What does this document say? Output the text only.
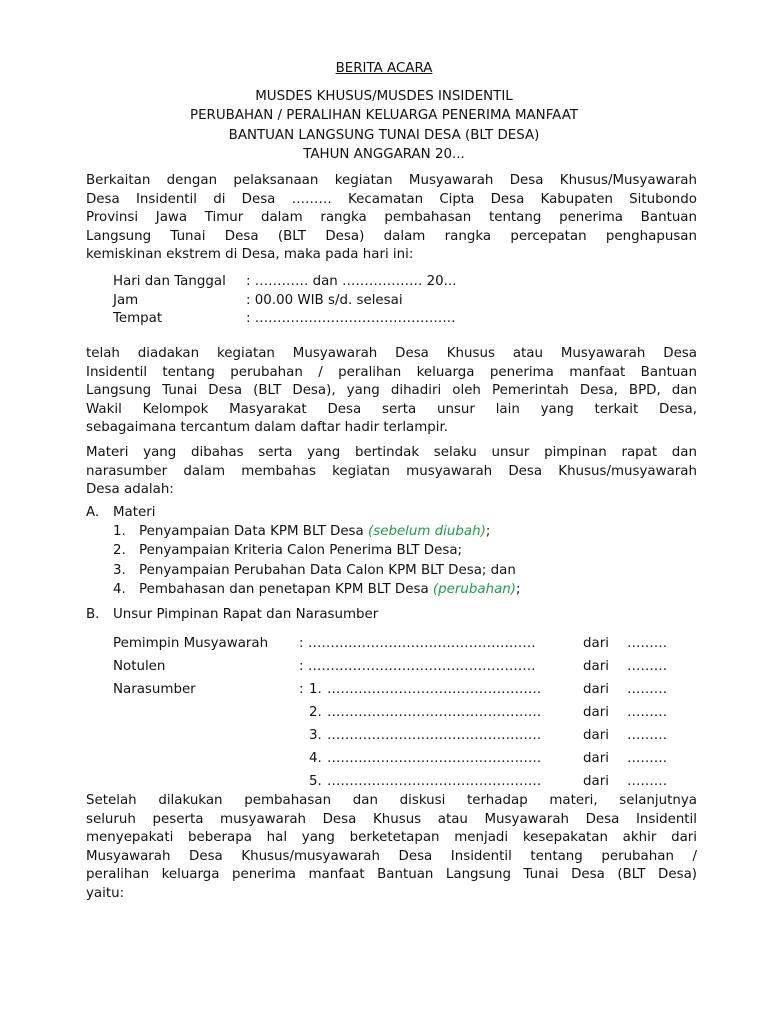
BERITA ACARA
MUSDES KHUSUS/MUSDES INSIDENTIL
PERUBAHAN / PERALIHAN KELUARGA PENERIMA MANFAAT
BANTUAN LANGSUNG TUNAI DESA (BLT DESA)
TAHUN ANGGARAN 20...
Berkaitan dengan pelaksanaan kegiatan Musyawarah Desa Khusus/Musyawarah
Desa Insidentil di Desa ……… Kecamatan Cipta Desa Kabupaten Situbondo
Provinsi Jawa Timur dalam rangka pembahasan tentang penerima Bantuan
Langsung Tunai Desa (BLT Desa) dalam rangka percepatan penghapusan
kemiskinan ekstrem di Desa, maka pada hari ini:
Hari dan Tanggal	: ………… dan ……………… 20...
Jam	: 00.00 WIB s/d. selesai
Tempat	: ………………………………………
telah diadakan kegiatan Musyawarah Desa Khusus atau Musyawarah Desa
Insidentil tentang perubahan / peralihan keluarga penerima manfaat Bantuan
Langsung Tunai Desa (BLT Desa), yang dihadiri oleh Pemerintah Desa, BPD, dan
Wakil Kelompok Masyarakat Desa serta unsur lain yang terkait Desa,
sebagaimana tercantum dalam daftar hadir terlampir.
Materi yang dibahas serta yang bertindak selaku unsur pimpinan rapat dan
narasumber dalam membahas kegiatan musyawarah Desa Khusus/musyawarah
Desa adalah:
A.	Materi
1. Penyampaian Data KPM BLT Desa (sebelum diubah);
2. Penyampaian Kriteria Calon Penerima BLT Desa;
3. Penyampaian Perubahan Data Calon KPM BLT Desa; dan
4. Pembahasan dan penetapan KPM BLT Desa (perubahan);
B.	Unsur Pimpinan Rapat dan Narasumber
Pemimpin Musyawarah : ……………………………………………	dari ………
Notulen	: ……………………………………………	dari ………
Narasumber	: 1. …………………………………………	dari ………
2. …………………………………………	dari ………
3. …………………………………………	dari ………
4. …………………………………………	dari ………
5. …………………………………………	dari ………
Setelah dilakukan pembahasan dan diskusi terhadap materi, selanjutnya
seluruh peserta musyawarah Desa Khusus atau Musyawarah Desa Insidentil
menyepakati beberapa hal yang berketetapan menjadi kesepakatan akhir dari
Musyawarah Desa Khusus/musyawarah Desa Insidentil tentang perubahan /
peralihan keluarga penerima manfaat Bantuan Langsung Tunai Desa (BLT Desa)
yaitu:
